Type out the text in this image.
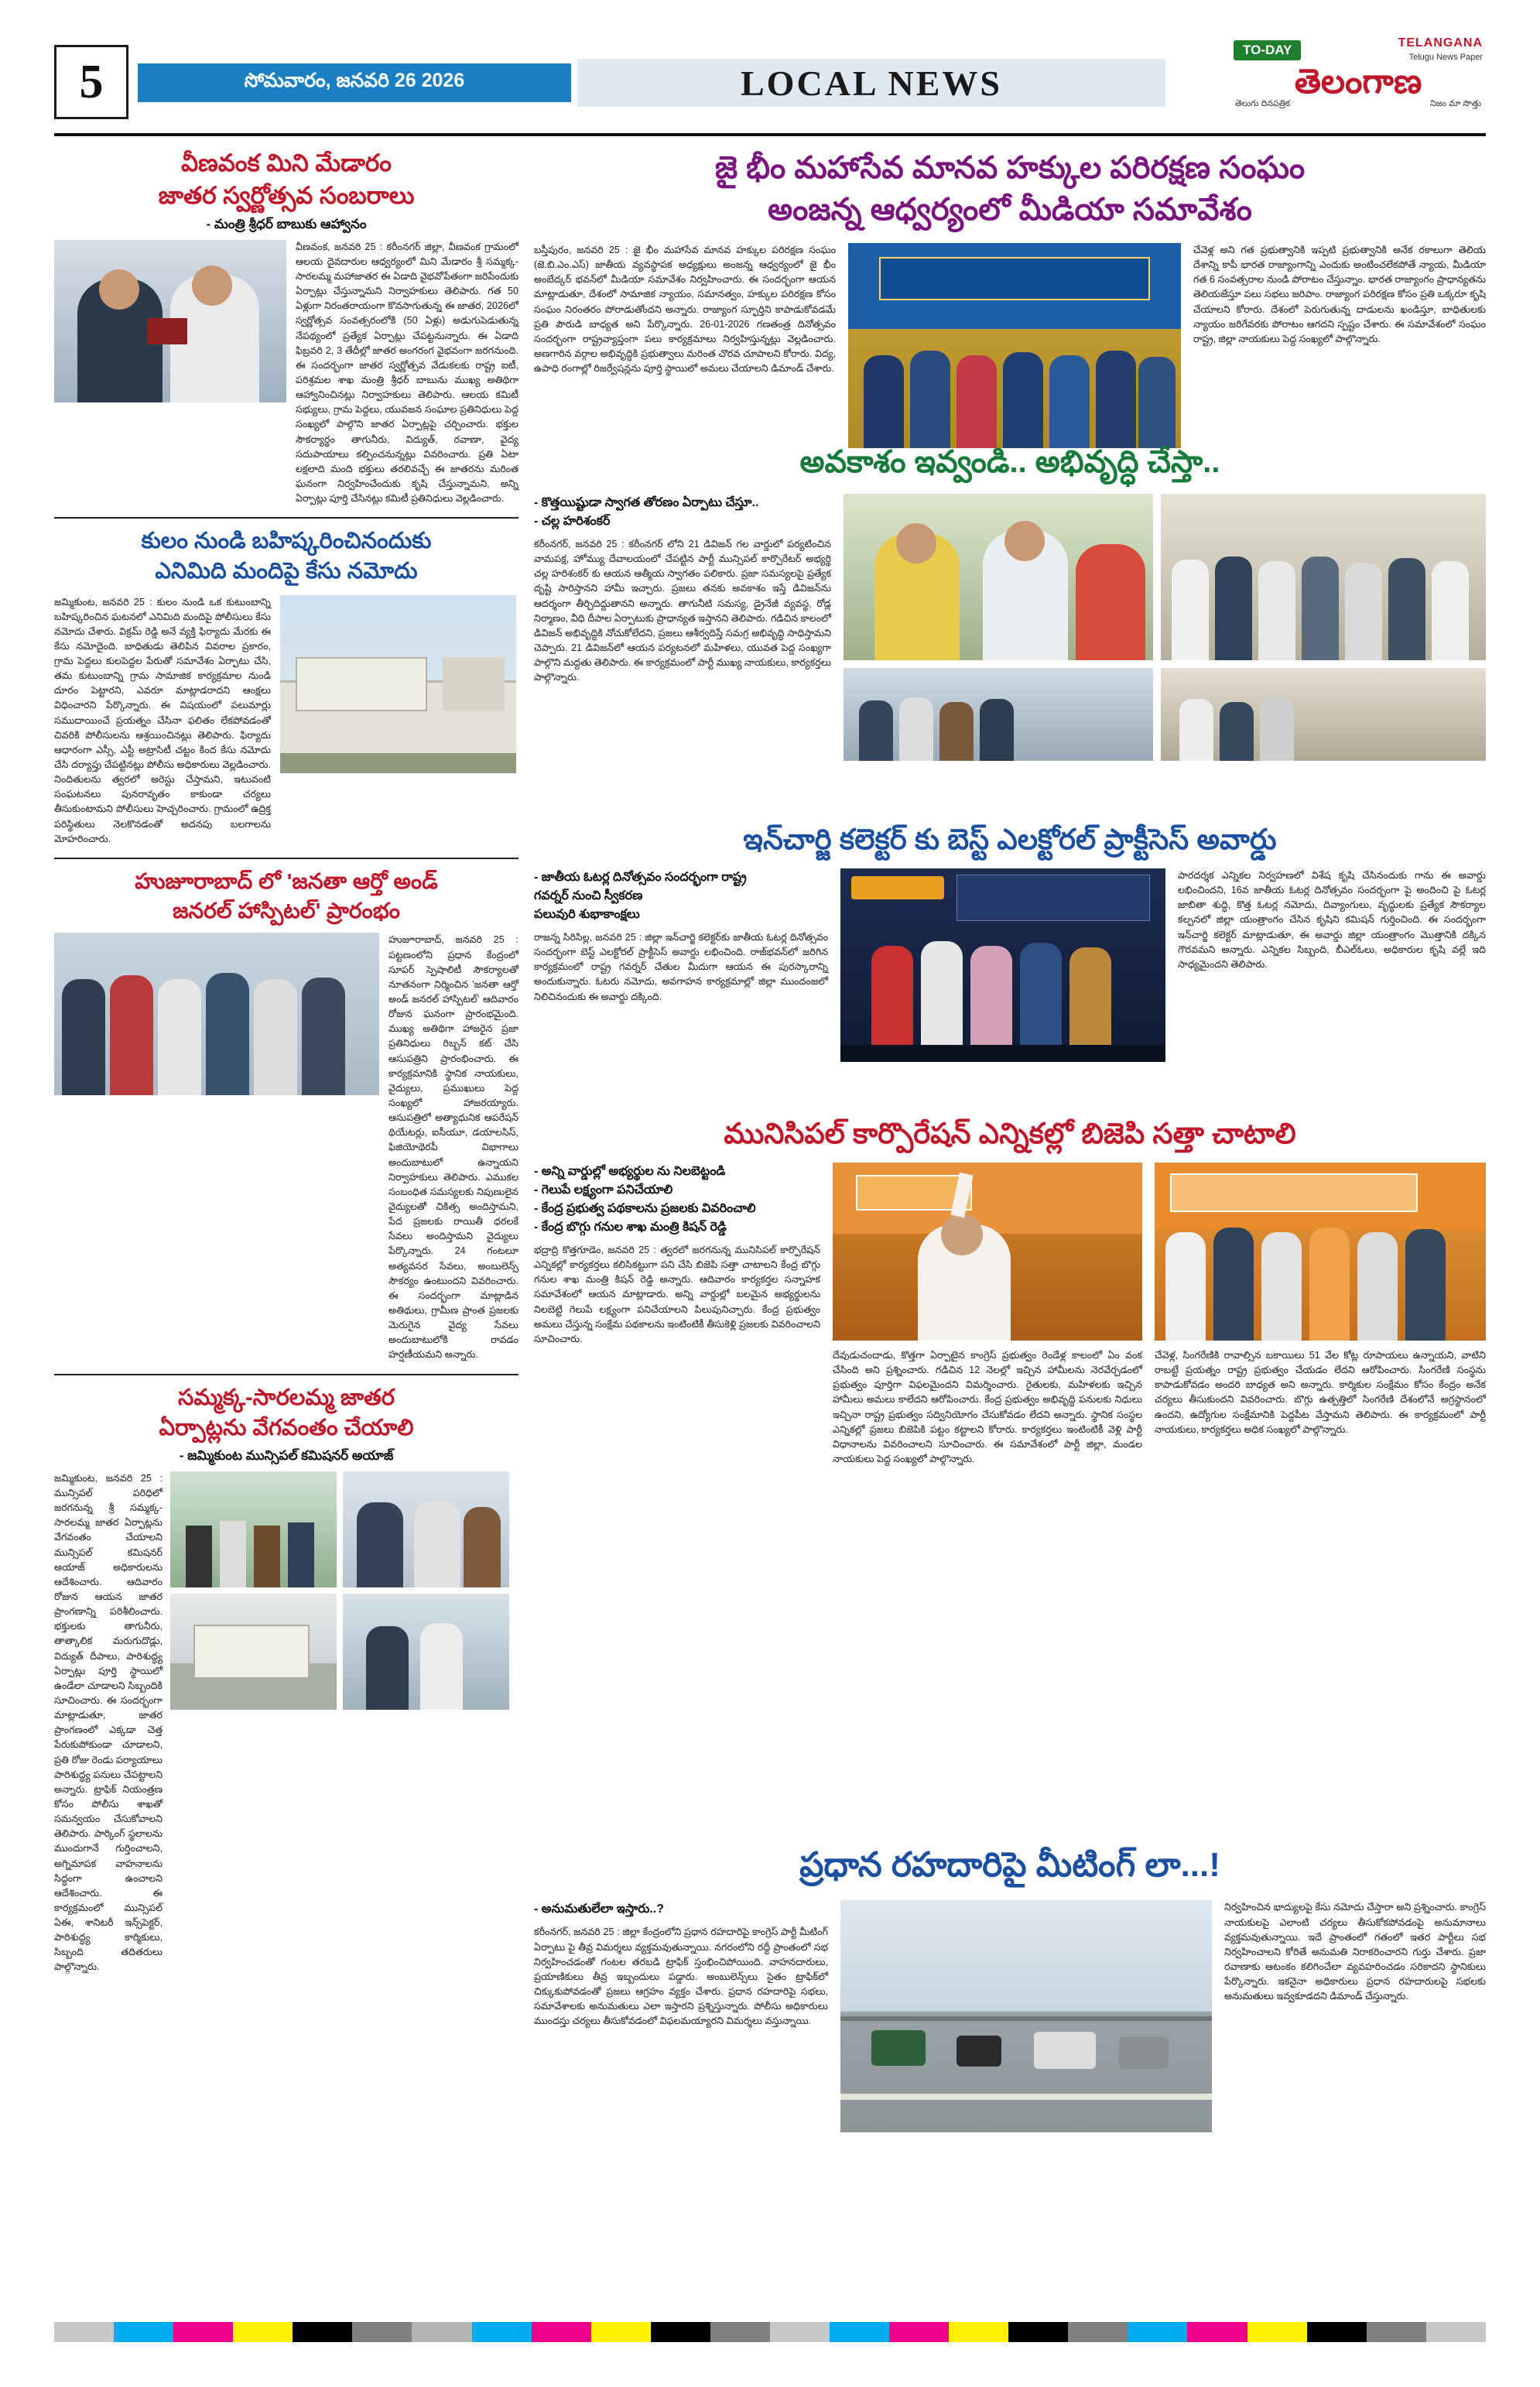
5	సోమవారం, జనవరి 26 2026	LOCAL NEWS
TO-DAY	TELANGANA
Telugu News Paper
తెలంగాణ
తెలుగు దినపత్రిక	నిజం మా సొత్తు
వీణవంక మిని మేడారం
జాతర స్వర్ణోత్సవ సంబరాలు
- మంత్రి శ్రీధర్ బాబుకు ఆహ్వానం
వీణవంక, జనవరి 25 : కరీంనగర్ జిల్లా, వీణవంక గ్రామంలో ఆలయ దైవదారుల ఆధ్వర్యంలో మిని మేడారం శ్రీ సమ్మక్క-సారలమ్మ మహాజాతర ఈ ఏడాది వైభవోపేతంగా జరిపేందుకు ఏర్పాట్లు చేస్తున్నామని నిర్వాహకులు తెలిపారు. గత 50 ఏళ్లుగా నిరంతరాయంగా కొనసాగుతున్న ఈ జాతర, 2026లో స్వర్ణోత్సవ సంవత్సరంలోకి (50 ఏళ్లు) అడుగుపెడుతున్న నేపథ్యంలో ప్రత్యేక ఏర్పాట్లు చేపట్టనున్నారు. ఈ ఏడాది ఫిబ్రవరి 2, 3 తేదీల్లో జాతర అంగరంగ వైభవంగా జరగనుంది. ఈ సందర్భంగా జాతర స్వర్ణోత్సవ వేడుకలకు రాష్ట్ర ఐటీ, పరిశ్రమల శాఖ మంత్రి శ్రీధర్ బాబును ముఖ్య అతిథిగా ఆహ్వానించినట్లు నిర్వాహకులు తెలిపారు. ఆలయ కమిటీ సభ్యులు, గ్రామ పెద్దలు, యువజన సంఘాల ప్రతినిధులు పెద్ద సంఖ్యలో పాల్గొని జాతర ఏర్పాట్లపై చర్చించారు. భక్తుల సౌకర్యార్థం తాగునీరు, విద్యుత్, రవాణా, వైద్య సదుపాయాలు కల్పించనున్నట్లు వివరించారు. ప్రతి ఏటా లక్షలాది మంది భక్తులు తరలివచ్చే ఈ జాతరను మరింత ఘనంగా నిర్వహించేందుకు కృషి చేస్తున్నామని, అన్ని ఏర్పాట్లు పూర్తి చేసినట్లు కమిటీ ప్రతినిధులు వెల్లడించారు.
కులం నుండి బహిష్కరించినందుకు
ఎనిమిది మందిపై కేసు నమోదు
జమ్మికుంట, జనవరి 25 : కులం నుండి ఒక కుటుంబాన్ని బహిష్కరించిన ఘటనలో ఎనిమిది మందిపై పోలీసులు కేసు నమోదు చేశారు. విక్రమ్ రెడ్డి అనే వ్యక్తి ఫిర్యాదు మేరకు ఈ కేసు నమోదైంది. బాధితుడు తెలిపిన వివరాల ప్రకారం, గ్రామ పెద్దలు కులపెద్దల పేరుతో సమావేశం ఏర్పాటు చేసి, తమ కుటుంబాన్ని గ్రామ సామాజిక కార్యక్రమాల నుండి దూరం పెట్టారని, ఎవరూ మాట్లాడరాదని ఆంక్షలు విధించారని పేర్కొన్నారు. ఈ విషయంలో పలుమార్లు సముదాయించే ప్రయత్నం చేసినా ఫలితం లేకపోవడంతో చివరికి పోలీసులను ఆశ్రయించినట్లు తెలిపారు. ఫిర్యాదు ఆధారంగా ఎస్సీ, ఎస్టీ అట్రాసిటీ చట్టం కింద కేసు నమోదు చేసి దర్యాప్తు చేపట్టినట్లు పోలీసు అధికారులు వెల్లడించారు. నిందితులను త్వరలో అరెస్టు చేస్తామని, ఇటువంటి సంఘటనలు పునరావృతం కాకుండా చర్యలు తీసుకుంటామని పోలీసులు హెచ్చరించారు. గ్రామంలో ఉద్రిక్త పరిస్థితులు నెలకొనడంతో అదనపు బలగాలను మోహరించారు.
హుజూరాబాద్ లో 'జనతా ఆర్తో అండ్
జనరల్ హాస్పిటల్' ప్రారంభం
హుజూరాబాద్, జనవరి 25 : పట్టణంలోని ప్రధాన కేంద్రంలో సూపర్ స్పెషాలిటీ సౌకర్యాలతో నూతనంగా నిర్మించిన 'జనతా ఆర్తో అండ్ జనరల్ హాస్పిటల్' ఆదివారం రోజున ఘనంగా ప్రారంభమైంది. ముఖ్య అతిథిగా హాజరైన ప్రజా ప్రతినిధులు రిబ్బన్ కట్ చేసి ఆసుపత్రిని ప్రారంభించారు. ఈ కార్యక్రమానికి స్థానిక నాయకులు, వైద్యులు, ప్రముఖులు పెద్ద సంఖ్యలో హాజరయ్యారు. ఆసుపత్రిలో అత్యాధునిక ఆపరేషన్ థియేటర్లు, ఐసీయూ, డయాలసిస్, ఫిజియోథెరపీ విభాగాలు అందుబాటులో ఉన్నాయని నిర్వాహకులు తెలిపారు. ఎముకల సంబంధిత సమస్యలకు నిపుణులైన వైద్యులతో చికిత్స అందిస్తామని, పేద ప్రజలకు రాయితీ ధరలకే సేవలు అందిస్తామని వైద్యులు పేర్కొన్నారు. 24 గంటలూ అత్యవసర సేవలు, అంబులెన్స్ సౌకర్యం ఉంటుందని వివరించారు. ఈ సందర్భంగా మాట్లాడిన అతిథులు, గ్రామీణ ప్రాంత ప్రజలకు మెరుగైన వైద్య సేవలు అందుబాటులోకి రావడం హర్షణీయమని అన్నారు.
సమ్మక్క-సారలమ్మ జాతర
ఏర్పాట్లను వేగవంతం చేయాలి
- జమ్మికుంట మున్సిపల్ కమిషనర్ అయాజ్
జమ్మికుంట, జనవరి 25 : మున్సిపల్ పరిధిలో జరగనున్న శ్రీ సమ్మక్క-సారలమ్మ జాతర ఏర్పాట్లను వేగవంతం చేయాలని మున్సిపల్ కమిషనర్ అయాజ్ అధికారులను ఆదేశించారు. ఆదివారం రోజున ఆయన జాతర ప్రాంగణాన్ని పరిశీలించారు. భక్తులకు తాగునీరు, తాత్కాలిక మరుగుదొడ్లు, విద్యుత్ దీపాలు, పారిశుద్ధ్య ఏర్పాట్లు పూర్తి స్థాయిలో ఉండేలా చూడాలని సిబ్బందికి సూచించారు. ఈ సందర్భంగా మాట్లాడుతూ, జాతర ప్రాంగణంలో ఎక్కడా చెత్త పేరుకుపోకుండా చూడాలని, ప్రతి రోజు రెండు పర్యాయాలు పారిశుద్ధ్య పనులు చేపట్టాలని అన్నారు. ట్రాఫిక్ నియంత్రణ కోసం పోలీసు శాఖతో సమన్వయం చేసుకోవాలని తెలిపారు. పార్కింగ్ స్థలాలను ముందుగానే గుర్తించాలని, అగ్నిమాపక వాహనాలను సిద్ధంగా ఉంచాలని ఆదేశించారు. ఈ కార్యక్రమంలో మున్సిపల్ ఏఈ, శానిటరీ ఇన్స్‌పెక్టర్, పారిశుద్ధ్య కార్మికులు, సిబ్బంది తదితరులు పాల్గొన్నారు.
జై భీం మహాసేవ మానవ హక్కుల పరిరక్షణ సంఘం
అంజన్న ఆధ్వర్యంలో మీడియా సమావేశం
బస్తీపురం, జనవరి 25 : జై భీం మహాసేవ మానవ హక్కుల పరిరక్షణ సంఘం (జె.బి.ఎం.ఎస్) జాతీయ వ్యవస్థాపక అధ్యక్షులు అంజన్న ఆధ్వర్యంలో జై భీం అంబేద్కర్ భవన్‌లో మీడియా సమావేశం నిర్వహించారు. ఈ సందర్భంగా ఆయన మాట్లాడుతూ, దేశంలో సామాజిక న్యాయం, సమానత్వం, హక్కుల పరిరక్షణ కోసం సంఘం నిరంతరం పోరాడుతోందని అన్నారు. రాజ్యాంగ స్ఫూర్తిని కాపాడుకోవడమే ప్రతి పౌరుడి బాధ్యత అని పేర్కొన్నారు. 26-01-2026 గణతంత్ర దినోత్సవం సందర్భంగా రాష్ట్రవ్యాప్తంగా పలు కార్యక్రమాలు నిర్వహిస్తున్నట్లు వెల్లడించారు. అణగారిన వర్గాల అభివృద్ధికి ప్రభుత్వాలు మరింత చొరవ చూపాలని కోరారు. విద్య, ఉపాధి రంగాల్లో రిజర్వేషన్లను పూర్తి స్థాయిలో అమలు చేయాలని డిమాండ్ చేశారు.
చేవెళ్ల అని గత ప్రభుత్వానికి ఇప్పటి ప్రభుత్వానికి అనేక రకాలుగా తెలియ దేశాన్ని కాపీ భారత రాజ్యాంగాన్ని ఎందుకు అంటించలేకపోతే న్యాయ, మీడియా గత 6 సంవత్సరాల నుండి పోరాటం చేస్తున్నాం. భారత రాజ్యాంగం ప్రాధాన్యతను తెలియజేస్తూ పలు సభలు జరిపాం. రాజ్యాంగ పరిరక్షణ కోసం ప్రతి ఒక్కరూ కృషి చేయాలని కోరారు. దేశంలో పెరుగుతున్న దాడులను ఖండిస్తూ, బాధితులకు న్యాయం జరిగేవరకు పోరాటం ఆగదని స్పష్టం చేశారు. ఈ సమావేశంలో సంఘం రాష్ట్ర, జిల్లా నాయకులు పెద్ద సంఖ్యలో పాల్గొన్నారు.
అవకాశం ఇవ్వండి.. అభివృద్ధి చేస్తా..
- కొత్తయిష్టుడా స్వాగత తోరణం ఏర్పాటు చేస్తూ..
- చల్ల హరిశంకర్
కరీంనగర్, జనవరి 25 : కరీంనగర్ లోని 21 డివిజన్ గల వార్డులో పర్యటించిన వామపక్ష, హోమ్యు దేవాలయంలో చేపట్టిన పార్టీ మున్సిపల్ కార్పొరేటర్ అభ్యర్థి చల్ల హరిశంకర్ కు ఆయన ఆత్మీయ స్వాగతం పలికారు. ప్రజా సమస్యలపై ప్రత్యేక దృష్టి సారిస్తానని హామీ ఇచ్చారు. ప్రజలు తనకు అవకాశం ఇస్తే డివిజన్‌ను ఆదర్శంగా తీర్చిదిద్దుతానని అన్నారు. తాగునీటి సమస్య, డ్రైనేజీ వ్యవస్థ, రోడ్ల నిర్మాణం, వీధి దీపాల ఏర్పాటుకు ప్రాధాన్యత ఇస్తానని తెలిపారు. గడిచిన కాలంలో డివిజన్ అభివృద్ధికి నోచుకోలేదని, ప్రజలు ఆశీర్వదిస్తే సమగ్ర అభివృద్ధి సాధిస్తామని చెప్పారు. 21 డివిజన్‌లో ఆయన పర్యటనలో మహిళలు, యువత పెద్ద సంఖ్యగా పాల్గొని మద్దతు తెలిపారు. ఈ కార్యక్రమంలో పార్టీ ముఖ్య నాయకులు, కార్యకర్తలు పాల్గొన్నారు.
ఇన్‌చార్జి కలెక్టర్ కు బెస్ట్ ఎలక్టోరల్ ప్రాక్టీసెస్ అవార్డు
- జాతీయ ఓటర్ల దినోత్సవం సందర్భంగా రాష్ట్ర
గవర్నర్ నుంచి స్వీకరణ
పలువురి శుభాకాంక్షలు
రాజన్న సిరిసిల్ల, జనవరి 25 : జిల్లా ఇన్‌చార్జి కలెక్టర్‌కు జాతీయ ఓటర్ల దినోత్సవం సందర్భంగా బెస్ట్ ఎలక్టోరల్ ప్రాక్టీసెస్ అవార్డు లభించింది. రాజ్‌భవన్‌లో జరిగిన కార్యక్రమంలో రాష్ట్ర గవర్నర్ చేతుల మీదుగా ఆయన ఈ పురస్కారాన్ని అందుకున్నారు. ఓటరు నమోదు, అవగాహన కార్యక్రమాల్లో జిల్లా ముందంజలో నిలిచినందుకు ఈ అవార్డు దక్కింది.
పారదర్శక ఎన్నికల నిర్వహణలో విశేష కృషి చేసినందుకు గాను ఈ అవార్డు లభించిందని, 16వ జాతీయ ఓటర్ల దినోత్సవం సందర్భంగా పై అందించి పై ఓటర్ల జాబితా శుద్ధి, కొత్త ఓటర్ల నమోదు, దివ్యాంగులు, వృద్ధులకు ప్రత్యేక సౌకర్యాల కల్పనలో జిల్లా యంత్రాంగం చేసిన కృషిని కమిషన్ గుర్తించింది. ఈ సందర్భంగా ఇన్‌చార్జి కలెక్టర్ మాట్లాడుతూ, ఈ అవార్డు జిల్లా యంత్రాంగం మొత్తానికి దక్కిన గౌరవమని అన్నారు. ఎన్నికల సిబ్బంది, బీఎల్‌ఓలు, అధికారుల కృషి వల్లే ఇది సాధ్యమైందని తెలిపారు.
మునిసిపల్ కార్పొరేషన్ ఎన్నికల్లో బిజెపి సత్తా చాటాలి
- అన్ని వార్డుల్లో అభ్యర్థుల ను నిలబెట్టండి
- గెలుపే లక్ష్యంగా పనిచేయాలి
- కేంద్ర ప్రభుత్వ పథకాలను ప్రజలకు వివరించాలి
- కేంద్ర బొగ్గు గనుల శాఖ మంత్రి కిషన్ రెడ్డి
భద్రాద్రి కొత్తగూడెం, జనవరి 25 : త్వరలో జరగనున్న మునిసిపల్ కార్పొరేషన్ ఎన్నికల్లో కార్యకర్తలు కలిసికట్టుగా పని చేసి బిజెపి సత్తా చాటాలని కేంద్ర బొగ్గు గనుల శాఖ మంత్రి కిషన్ రెడ్డి అన్నారు. ఆదివారం కార్యకర్తల సన్నాహక సమావేశంలో ఆయన మాట్లాడారు. అన్ని వార్డుల్లో బలమైన అభ్యర్థులను నిలబెట్టి గెలుపే లక్ష్యంగా పనిచేయాలని పిలుపునిచ్చారు. కేంద్ర ప్రభుత్వం అమలు చేస్తున్న సంక్షేమ పథకాలను ఇంటింటికీ తీసుకెళ్లి ప్రజలకు వివరించాలని సూచించారు.
దేవుడుచందాడు, కొత్తగా ఏర్పాటైన కాంగ్రెస్ ప్రభుత్వం రెండేళ్ల కాలంలో ఏం వంక చేసింది అని ప్రశ్నించారు. గడిచిన 12 నెలల్లో ఇచ్చిన హామీలను నెరవేర్చడంలో ప్రభుత్వం పూర్తిగా విఫలమైందని విమర్శించారు. రైతులకు, మహిళలకు ఇచ్చిన హామీలు అమలు కాలేదని ఆరోపించారు. కేంద్ర ప్రభుత్వం అభివృద్ధి పనులకు నిధులు ఇచ్చినా రాష్ట్ర ప్రభుత్వం సద్వినియోగం చేసుకోవడం లేదని అన్నారు. స్థానిక సంస్థల ఎన్నికల్లో ప్రజలు బిజెపికి పట్టం కట్టాలని కోరారు. కార్యకర్తలు ఇంటింటికీ వెళ్లి పార్టీ విధానాలను వివరించాలని సూచించారు. ఈ సమావేశంలో పార్టీ జిల్లా, మండల నాయకులు పెద్ద సంఖ్యలో పాల్గొన్నారు.
చేవెళ్ల, సింగరేణికి రావాల్సిన బకాయిలు 51 వేల కోట్ల రూపాయలు ఉన్నాయని, వాటిని రాబట్టే ప్రయత్నం రాష్ట్ర ప్రభుత్వం చేయడం లేదని ఆరోపించారు. సింగరేణి సంస్థను కాపాడుకోవడం అందరి బాధ్యత అని అన్నారు. కార్మికుల సంక్షేమం కోసం కేంద్రం అనేక చర్యలు తీసుకుందని వివరించారు. బొగ్గు ఉత్పత్తిలో సింగరేణి దేశంలోనే అగ్రస్థానంలో ఉందని, ఉద్యోగుల సంక్షేమానికి పెద్దపీట వేస్తామని తెలిపారు. ఈ కార్యక్రమంలో పార్టీ నాయకులు, కార్యకర్తలు అధిక సంఖ్యలో పాల్గొన్నారు.
ప్రధాన రహదారిపై మీటింగ్ లా...!
- అనుమతులేలా ఇస్తారు..?
కరీంనగర్, జనవరి 25 : జిల్లా కేంద్రంలోని ప్రధాన రహదారిపై కాంగ్రెస్ పార్టీ మీటింగ్ ఏర్పాటు పై తీవ్ర విమర్శలు వ్యక్తమవుతున్నాయి. నగరంలోని రద్దీ ప్రాంతంలో సభ నిర్వహించడంతో గంటల తరబడి ట్రాఫిక్ స్తంభించిపోయింది. వాహనదారులు, ప్రయాణికులు తీవ్ర ఇబ్బందులు పడ్డారు. అంబులెన్స్‌లు సైతం ట్రాఫిక్‌లో చిక్కుకుపోవడంతో ప్రజలు ఆగ్రహం వ్యక్తం చేశారు. ప్రధాన రహదారిపై సభలు, సమావేశాలకు అనుమతులు ఎలా ఇస్తారని ప్రశ్నిస్తున్నారు. పోలీసు అధికారులు ముందస్తు చర్యలు తీసుకోవడంలో విఫలమయ్యారని విమర్శలు వస్తున్నాయి.
నిర్వహించిన భాద్యులపై కేసు నమోదు చేస్తారా అని ప్రశ్నించారు. కాంగ్రెస్ నాయకులపై ఎలాంటి చర్యలు తీసుకోకపోవడంపై అనుమానాలు వ్యక్తమవుతున్నాయి. ఇదే ప్రాంతంలో గతంలో ఇతర పార్టీలు సభ నిర్వహించాలని కోరితే అనుమతి నిరాకరించారని గుర్తు చేశారు. ప్రజా రవాణాకు ఆటంకం కలిగించేలా వ్యవహరించడం సరికాదని స్థానికులు పేర్కొన్నారు. ఇకనైనా అధికారులు ప్రధాన రహదారులపై సభలకు అనుమతులు ఇవ్వకూడదని డిమాండ్ చేస్తున్నారు.
